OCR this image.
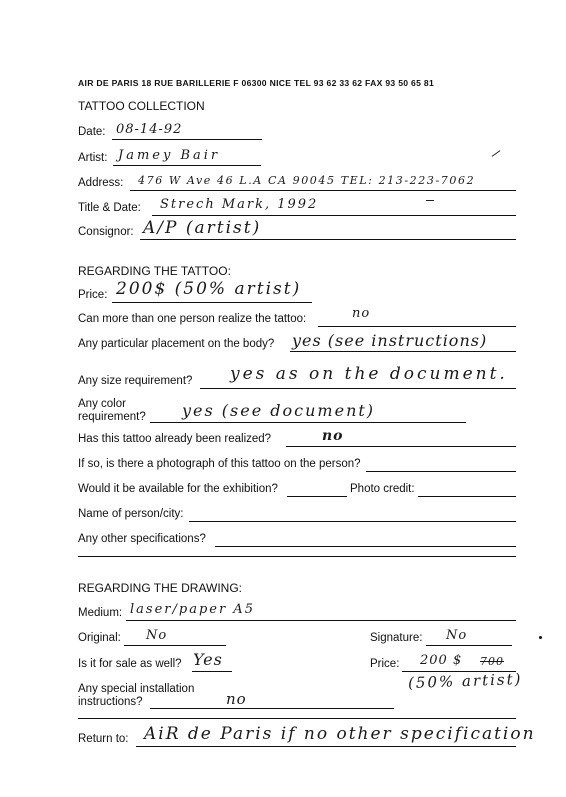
AIR DE PARIS 18 RUE BARILLERIE F 06300 NICE TEL 93 62 33 62 FAX 93 50 65 81
TATTOO COLLECTION
Date: 08-14-92
Artist: Jamey Bair
Address: 476 W Ave 46 L.A CA 90045 TEL: 213-223-7062
Title & Date: Strech Mark, 1992
Consignor: A/P (artist)
REGARDING THE TATTOO:
Price: 200$ (50% artist)
Can more than one person realize the tattoo:	no
Any particular placement on the body? yes (see instructions)
Any size requirement? yes as on the document.
Any color
requirement? yes (see document)
Has this tattoo already been realized?	no
If so, is there a photograph of this tattoo on the person?
Would it be available for the exhibition?	Photo credit:
Name of person/city:
Any other specifications?
REGARDING THE DRAWING:
Medium: laser/paper A5
Original: No	Signature: No
Is it for sale as well? Yes	Price: 200 $ 700
(50% artist)
Any special installation
instructions?	no
Return to: AiR de Paris if no other specification
